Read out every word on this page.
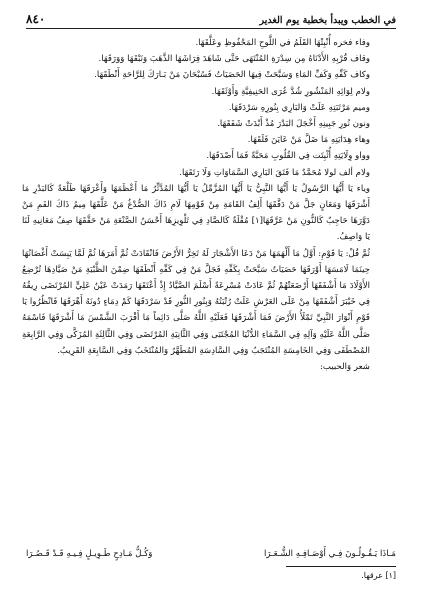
في الخطب ويبدأ بخطبة يوم الغدير
٨٤٠

وفاء فخره أُنْبِتْهَا القَلَمُ في اللَّوحِ المَحْفُوظِ وعَلَّقَهَا.

وقاف قُرْبِهِ الأَدْنَاهُ مِن سِدْرَةِ المُنْتَهَى حَتَّى شَاهَدَ فِرَاشَهَا الذَّهَبَ وَنَبْقَهَا وَوَرَقَهَا.

وكاف كَفِّهِ وَكَفِّ المَاءِ وَسَبَّحَتْ فِيهَا الحَصَيَاتُ فَسُبْحَانَ مَنْ بَـارَكَ لِلرَّاحَةِ أَنْطَقَهَا.

ولام لِوَائِهِ المَنْشُورِ شُدَّ عُرَى الحَنِيفِيَّةِ وَأَوْثَقَهَا.

وميم مَرْتَبَتِهِ عَلَتْ وَالبَارِي بِنُورِهِ سَرْدَقَهَا.

ونون نُورِ جَبِينِهِ أَخْجَلَ البَدْرَ مُذْ أَبْدَتْ شَفَقَهَا.

وهاء هِدَايَتِهِ مَا ضَلَّ مَنْ عَايَنَ فَلَقَهَا.

وواو وِلَايَتِهِ أُثْبِتَت فِي القُلُوبِ مَحَبَّةً فَمَا أَصْدَقَهَا.

ولام ألف لولا مُحَمَّدٌ مَا فَتَقَ البَارِي السَّمَاوَاتِ وَلَا رَتَقَهَا.

وياء يَا أَيُّهَا الرَّسُولُ يَا أَيُّهَا النَّبِيُّ يَا أَيُّهَا المُزَّمِّلُ يَا أَيُّهَا المُدَّثِّرُ مَا أَعْظَمَهَا وَأَعْرَقَهَا طَلْعَةً كَالبَدْرِ مَا أَشْرَقَهَا وَمَعَانٍ جَلَّ مَنْ دَقَّقَهَا أَلِفُ القَامَةِ مِنْ قَوْمِهَا لَامِ ذَاكَ الصُّدْغُ مَنْ عَلَّقَهَا مِيمُ ذَاكَ الفَمِ مَنْ دَوَّرَهَا حَاجِبٌ كَالنُّونِ مَنْ عَرَّقَهَا[١] مُقْلَةٌ كَالصَّادِ فِي تَلْوِيزِهَا أَحْسَنُ الصَّنْعَةِ مَنْ حَقَّقَهَا صِفُ مَعَانِيهِ لَنَا يَا وَاصِفُ.

ثُمَّ قُلْ: يَا قَوْمِ: أَوَّلُ مَا أَلْهَمَهَا مَنْ دَعَا الأَشْجَارَ لَهُ تَخِرُّ الأَرْضَ فَانْقَادَتْ ثُمَّ أَمَرَهَا ثُمَّ لَمَّا يَبِسَتْ أَغْصَانُهَا حِينَمَا لَامَسَهَا أَوْرَقَهَا حَصَيَاتٌ سَبَّحَتْ بِكَفِّهِ فَجَلَّ مَنْ فِي كَفِّهِ أَنْطَقَهَا ضِمْنَ الظَّبْيَةِ مَنْ صَيَّادِهَا تُرْضِعُ الأَوْلَادَ مَا أَشْفَقَهَا أَرْضَعَتْهُمْ ثُمَّ عَادَتْ مُسْرِعَةً أَسْلَمَ الصَّيَّادُ إِذْ أَعْتَقَهَا رَمَدَتْ عَيْنُ عَلِيٍّ المُرْتَضَى رِيقُهُ فِي خَيْبَرَ أَشْفَقَهَا مِنْ عَلَى العَرْشِ عَلَتْ رُتْبَتُهُ وَبِنُورِ النُّورِ قَدْ سَرْدَقَهَا كَمْ دِمَاءٍ دُونَهُ أَهْرَقَهَا فَانْظُرُوا يَا قَوْمِ أَنْوَارَ النَّبِيِّ تَمْلَأُ الأَرْضَ فَمَا أَشْرَقَهَا فَعَلَيْهِ اللَّهُ صَلَّى دَائِماً مَا أَقْرَبَ الشَّمْسَ مَا أَشْرَقَهَا فَاسْمَهُ صَلَّى اللَّهُ عَلَيْهِ وَآلِهِ فِي السَّمَاءِ الدُّنْيَا المُجْتَبَى وَفِي الثَّانِيَةِ المُرْتَضَى وَفِي الثَّالِثَةِ المُزَكَّى وَفِي الرَّابِعَةِ المُصْطَفَى وَفِي الخَامِسَةِ المُنْتَجَبُ وَفِي السَّادِسَةِ المُطَهَّرُ وَالمُنْتَخَبُ وَفِي السَّابِعَةِ القَرِيبُ.

شعر وَالحبيب:

مَـاذَا يَـقُـولُـونَ فِـي أَوْصَـافِـهِ الشُّـعَـرَا
وَكُـلُّ مَـادِحٍ طَـوِيـلٍ فِـيـهِ قَـدْ قَـصُـرَا
[١] عرقها.
